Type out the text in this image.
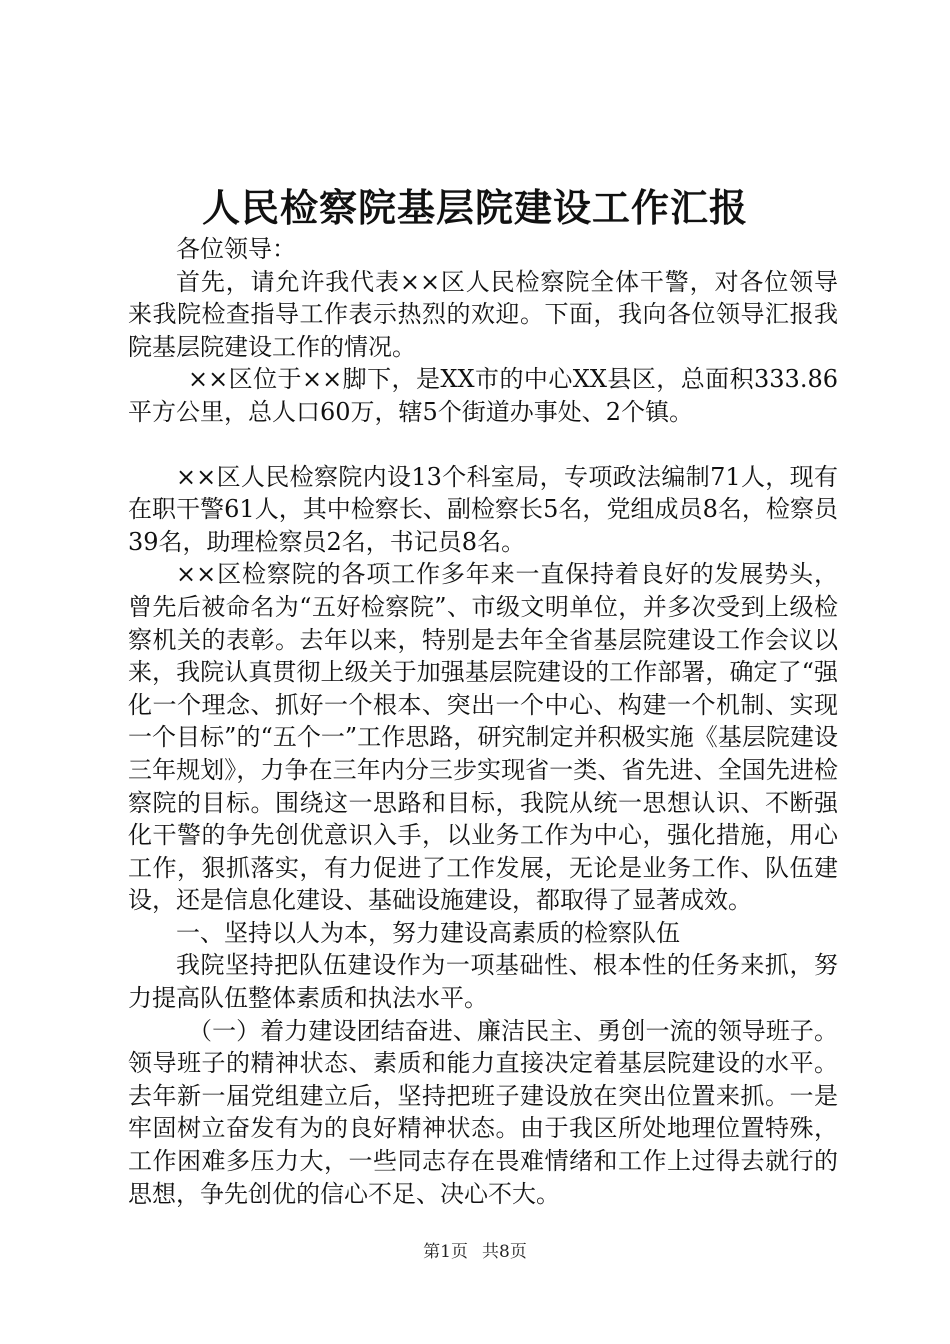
人民检察院基层院建设工作汇报

各位领导：

首先，请允许我代表××区人民检察院全体干警，对各位领导来我院检查指导工作表示热烈的欢迎。下面，我向各位领导汇报我院基层院建设工作的情况。

××区位于××脚下，是XX市的中心XX县区，总面积333.86平方公里，总人口60万，辖5个街道办事处、2个镇。

××区人民检察院内设13个科室局，专项政法编制71人，现有在职干警61人，其中检察长、副检察长5名，党组成员8名，检察员39名，助理检察员2名，书记员8名。

××区检察院的各项工作多年来一直保持着良好的发展势头，曾先后被命名为“五好检察院”、市级文明单位，并多次受到上级检察机关的表彰。去年以来，特别是去年全省基层院建设工作会议以来，我院认真贯彻上级关于加强基层院建设的工作部署，确定了“强化一个理念、抓好一个根本、突出一个中心、构建一个机制、实现一个目标”的“五个一”工作思路，研究制定并积极实施《基层院建设三年规划》，力争在三年内分三步实现省一类、省先进、全国先进检察院的目标。围绕这一思路和目标，我院从统一思想认识、不断强化干警的争先创优意识入手，以业务工作为中心，强化措施，用心工作，狠抓落实，有力促进了工作发展，无论是业务工作、队伍建设，还是信息化建设、基础设施建设，都取得了显著成效。

一、坚持以人为本，努力建设高素质的检察队伍

我院坚持把队伍建设作为一项基础性、根本性的任务来抓，努力提高队伍整体素质和执法水平。

（一）着力建设团结奋进、廉洁民主、勇创一流的领导班子。领导班子的精神状态、素质和能力直接决定着基层院建设的水平。去年新一届党组建立后，坚持把班子建设放在突出位置来抓。一是牢固树立奋发有为的良好精神状态。由于我区所处地理位置特殊，工作困难多压力大，一些同志存在畏难情绪和工作上过得去就行的思想，争先创优的信心不足、决心不大。

第1页 共8页
